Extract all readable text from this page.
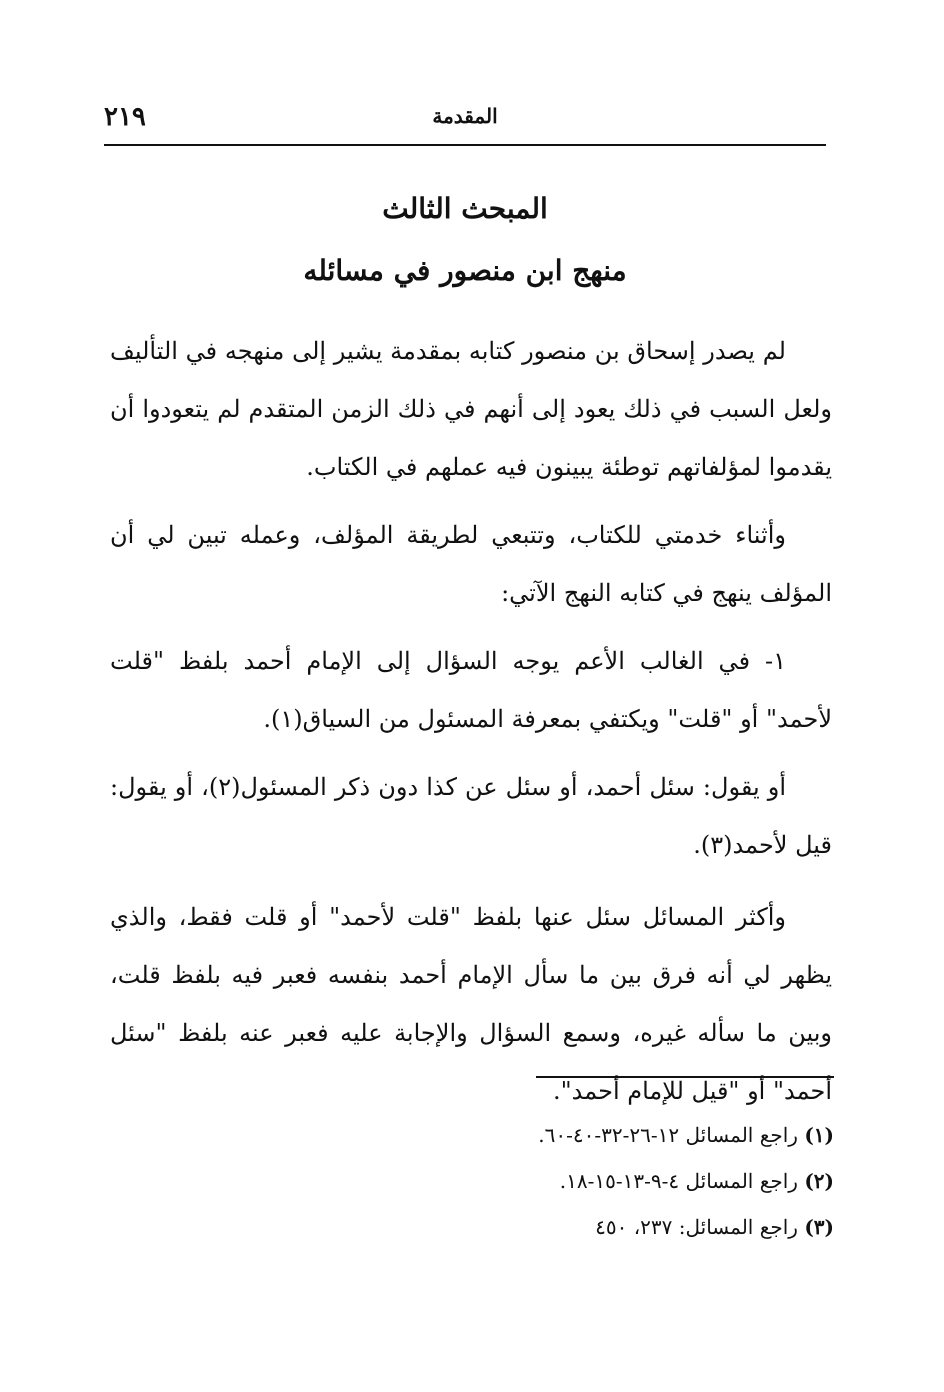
٢١٩	المقدمة
المبحث الثالث
منهج ابن منصور في مسائله

لم يصدر إسحاق بن منصور كتابه بمقدمة يشير إلى منهجه في التأليف ولعل السبب في ذلك يعود إلى أنهم في ذلك الزمن المتقدم لم يتعودوا أن يقدموا لمؤلفاتهم توطئة يبينون فيه عملهم في الكتاب.

وأثناء خدمتي للكتاب، وتتبعي لطريقة المؤلف، وعمله تبين لي أن المؤلف ينهج في كتابه النهج الآتي:

١- في الغالب الأعم يوجه السؤال إلى الإمام أحمد بلفظ "قلت لأحمد" أو "قلت" ويكتفي بمعرفة المسئول من السياق(١).

أو يقول: سئل أحمد، أو سئل عن كذا دون ذكر المسئول(٢)، أو يقول: قيل لأحمد(٣).

وأكثر المسائل سئل عنها بلفظ "قلت لأحمد" أو قلت فقط، والذي يظهر لي أنه فرق بين ما سأل الإمام أحمد بنفسه فعبر فيه بلفظ قلت، وبين ما سأله غيره، وسمع السؤال والإجابة عليه فعبر عنه بلفظ "سئل أحمد" أو "قيل للإمام أحمد".

(١) راجع المسائل ١٢-٢٦-٣٢-٤٠-٦٠.

(٢) راجع المسائل ٤-٩-١٣-١٥-١٨.

(٣) راجع المسائل: ٢٣٧، ٤٥٠
